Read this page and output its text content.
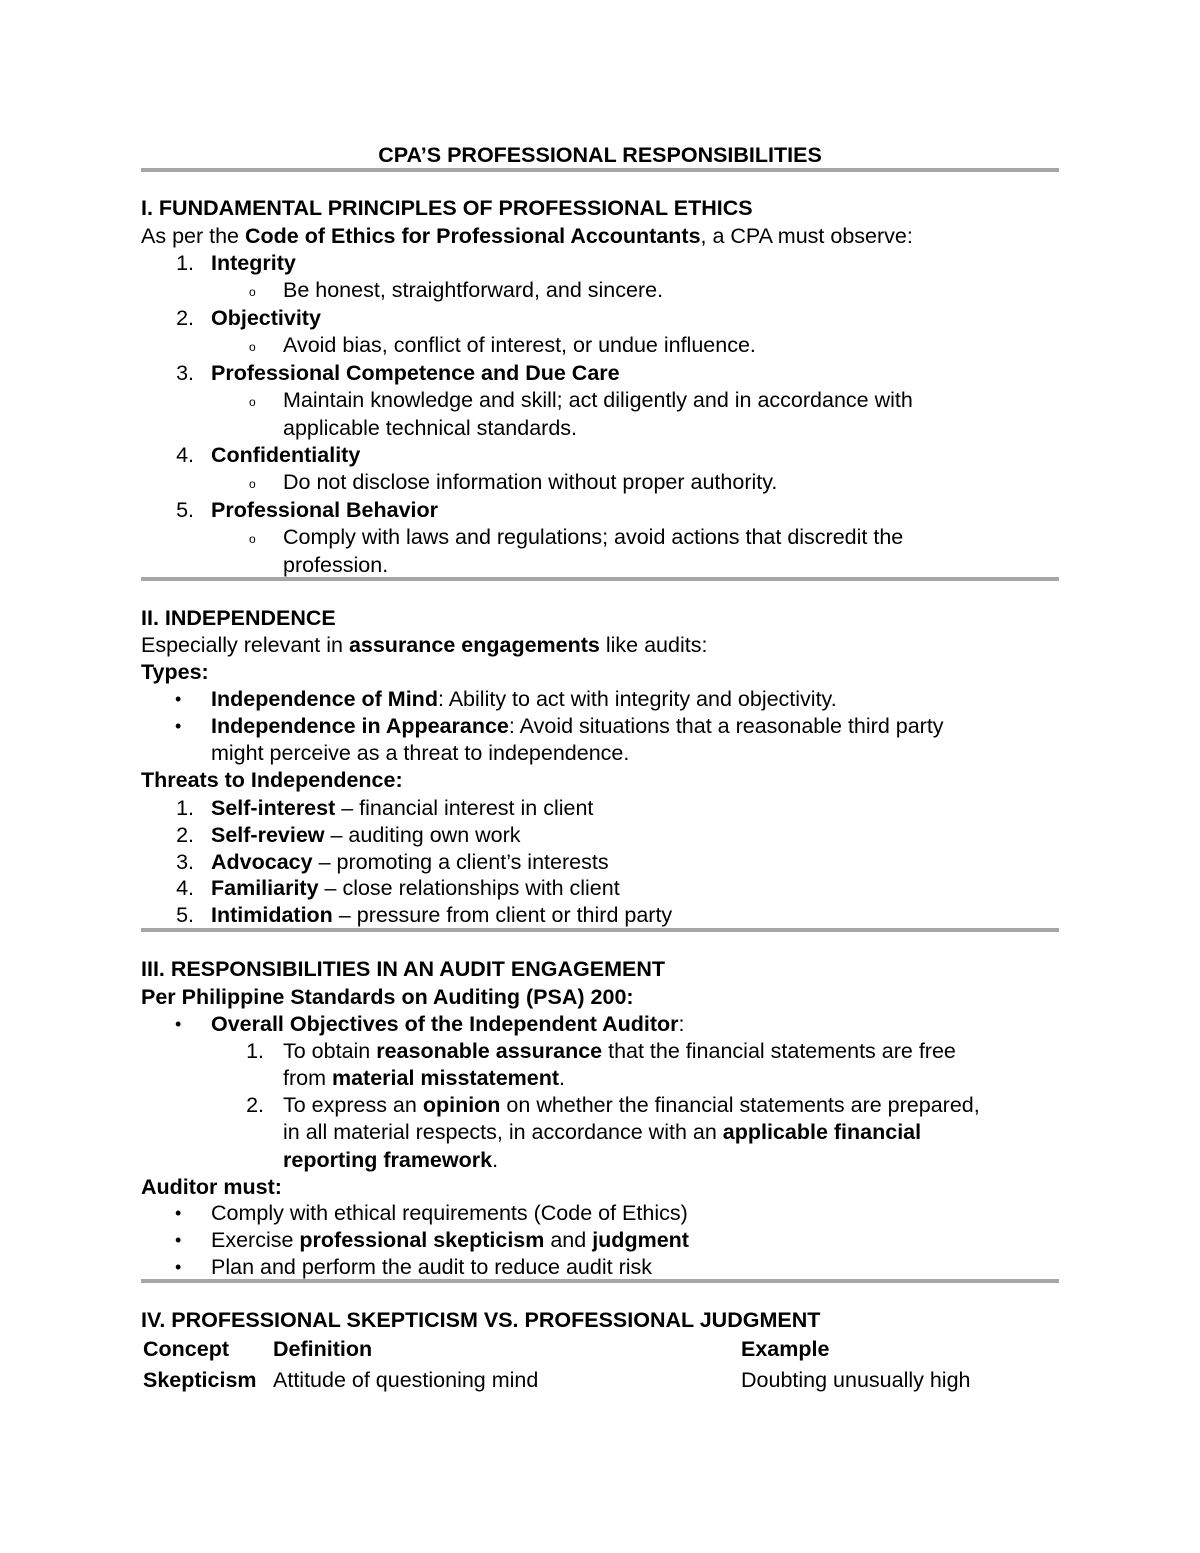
CPA’S PROFESSIONAL RESPONSIBILITIES
I. FUNDAMENTAL PRINCIPLES OF PROFESSIONAL ETHICS
As per the Code of Ethics for Professional Accountants, a CPA must observe:
1. Integrity
o Be honest, straightforward, and sincere.
2. Objectivity
o Avoid bias, conflict of interest, or undue influence.
3. Professional Competence and Due Care
o Maintain knowledge and skill; act diligently and in accordance with
applicable technical standards.
4. Confidentiality
o Do not disclose information without proper authority.
5. Professional Behavior
o Comply with laws and regulations; avoid actions that discredit the
profession.
II. INDEPENDENCE
Especially relevant in assurance engagements like audits:
Types:
• Independence of Mind: Ability to act with integrity and objectivity.
• Independence in Appearance: Avoid situations that a reasonable third party
might perceive as a threat to independence.
Threats to Independence:
1. Self-interest – financial interest in client
2. Self-review – auditing own work
3. Advocacy – promoting a client’s interests
4. Familiarity – close relationships with client
5. Intimidation – pressure from client or third party
III. RESPONSIBILITIES IN AN AUDIT ENGAGEMENT
Per Philippine Standards on Auditing (PSA) 200:
• Overall Objectives of the Independent Auditor:
1. To obtain reasonable assurance that the financial statements are free
from material misstatement.
2. To express an opinion on whether the financial statements are prepared,
in all material respects, in accordance with an applicable financial
reporting framework.
Auditor must:
• Comply with ethical requirements (Code of Ethics)
• Exercise professional skepticism and judgment
• Plan and perform the audit to reduce audit risk
IV. PROFESSIONAL SKEPTICISM VS. PROFESSIONAL JUDGMENT
Concept Definition	Example
Skepticism Attitude of questioning mind	Doubting unusually high
